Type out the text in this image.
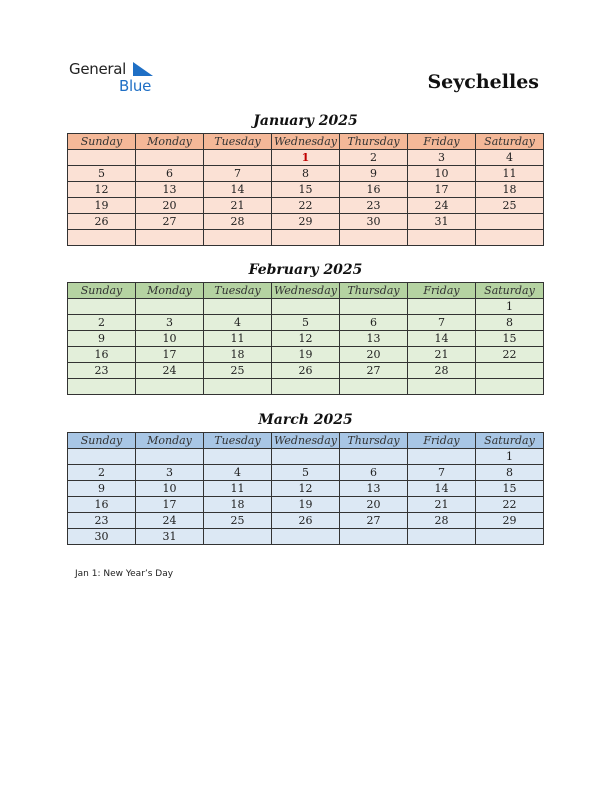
General
Blue	Seychelles
January 2025
Sunday	Monday	Tuesday	Wednesday	Thursday	Friday	Saturday
			1	2	3	4
5	6	7	8	9	10	11
12	13	14	15	16	17	18
19	20	21	22	23	24	25
26	27	28	29	30	31	

February 2025
Sunday	Monday	Tuesday	Wednesday	Thursday	Friday	Saturday
						1
2	3	4	5	6	7	8
9	10	11	12	13	14	15
16	17	18	19	20	21	22
23	24	25	26	27	28	

March 2025
Sunday	Monday	Tuesday	Wednesday	Thursday	Friday	Saturday
						1
2	3	4	5	6	7	8
9	10	11	12	13	14	15
16	17	18	19	20	21	22
23	24	25	26	27	28	29
30	31					
Jan 1: New Year’s Day
